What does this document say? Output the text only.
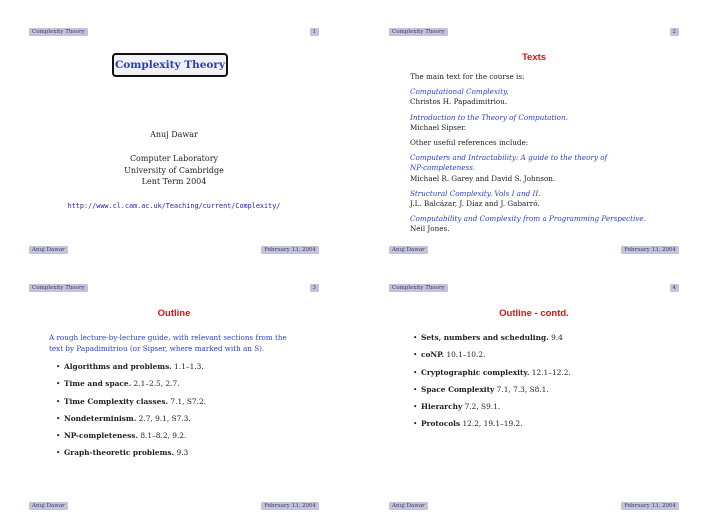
Complexity Theory	1
Complexity Theory
Anuj Dawar
Computer Laboratory
University of Cambridge
Lent Term 2004
http://www.cl.cam.ac.uk/Teaching/current/Complexity/
Anuj Dawar	February 13, 2004
Complexity Theory	2
Texts
The main text for the course is:
Computational Complexity.
Christos H. Papadimitriou.
Introduction to the Theory of Computation.
Michael Sipser.
Other useful references include:
Computers and Intractability: A guide to the theory of
NP-completeness.
Michael R. Garey and David S. Johnson.
Structural Complexity. Vols I and II.
J.L. Balcázar, J. Díaz and J. Gabarró.
Computability and Complexity from a Programming Perspective.
Neil Jones.
Anuj Dawar	February 13, 2004
Complexity Theory	3
Outline
A rough lecture-by-lecture guide, with relevant sections from the
text by Papadimitriou (or Sipser, where marked with an S).
• Algorithms and problems. 1.1–1.3.
• Time and space. 2.1–2.5, 2.7.
• Time Complexity classes. 7.1, S7.2.
• Nondeterminism. 2.7, 9.1, S7.3.
• NP-completeness. 8.1–8.2, 9.2.
• Graph-theoretic problems. 9.3
Anuj Dawar	February 13, 2004
Complexity Theory	4
Outline - contd.
• Sets, numbers and scheduling. 9.4
• coNP. 10.1–10.2.
• Cryptographic complexity. 12.1–12.2.
• Space Complexity 7.1, 7.3, S8.1.
• Hierarchy 7.2, S9.1.
• Protocols 12.2, 19.1–19.2.
Anuj Dawar	February 13, 2004
